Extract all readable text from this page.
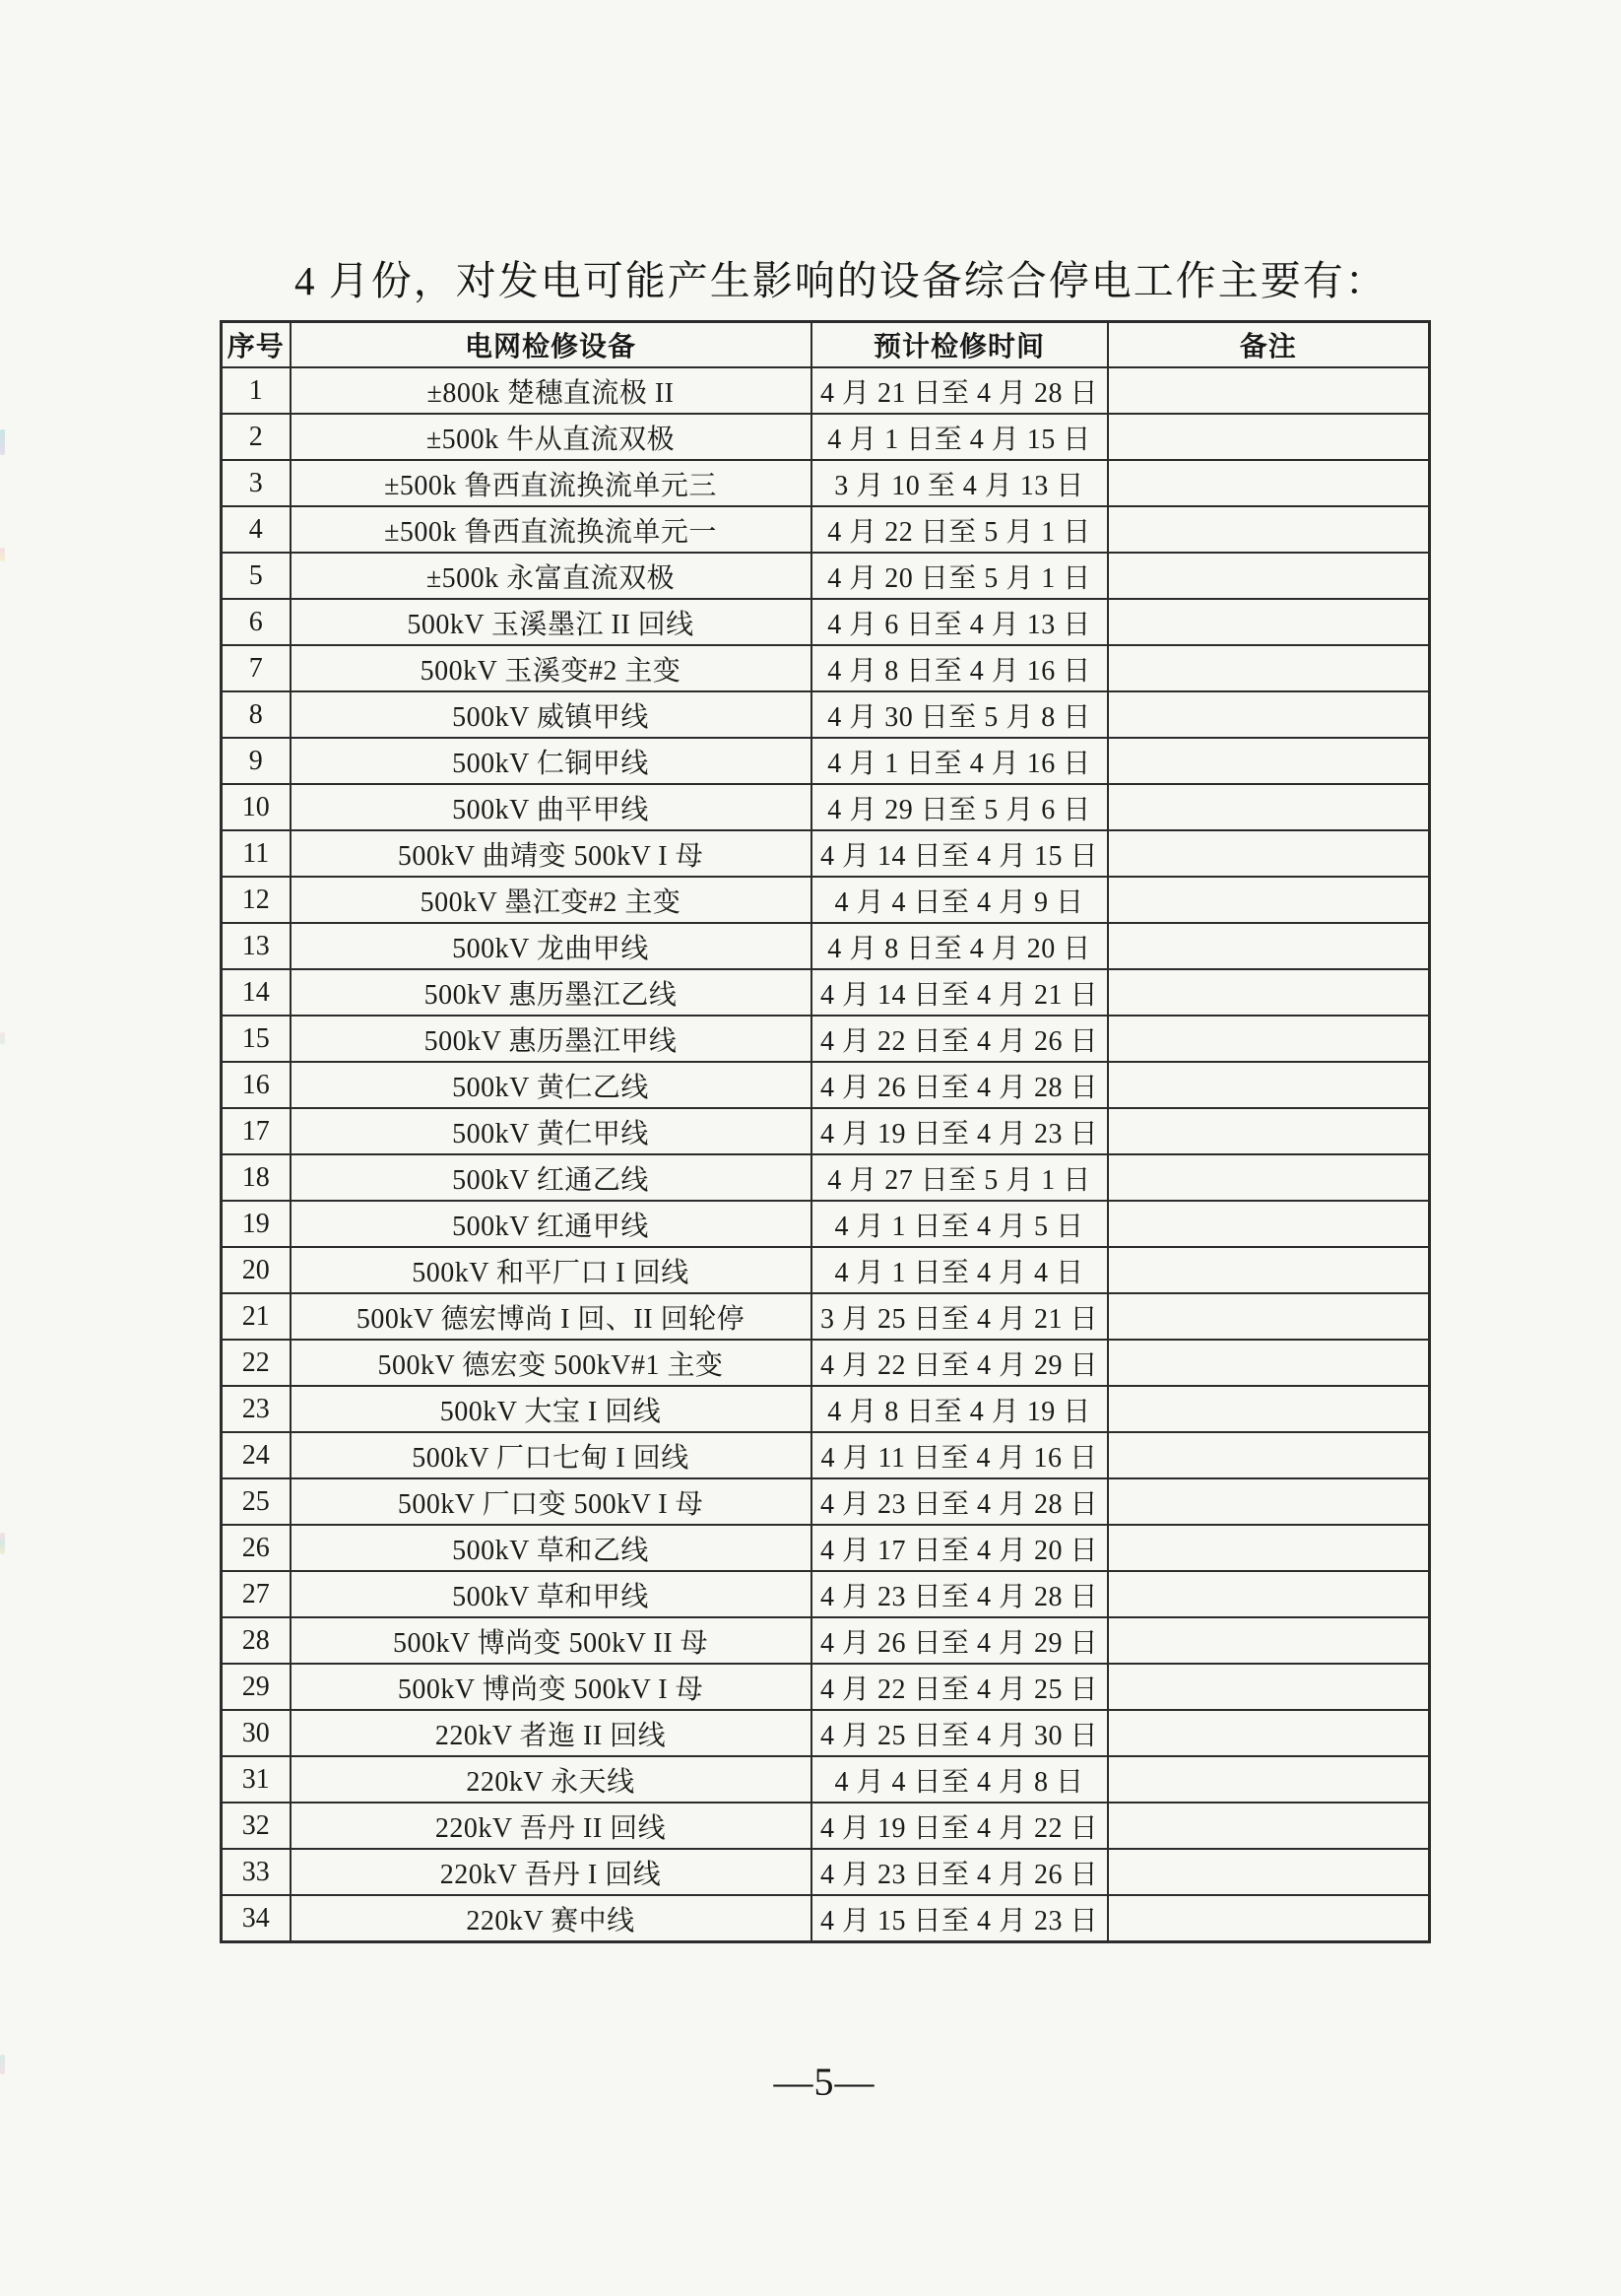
4 月份，对发电可能产生影响的设备综合停电工作主要有：
序号	电网检修设备	预计检修时间	备注
1	±800k 楚穗直流极 II	4 月 21 日至 4 月 28 日	
2	±500k 牛从直流双极	4 月 1 日至 4 月 15 日	
3	±500k 鲁西直流换流单元三	3 月 10 至 4 月 13 日	
4	±500k 鲁西直流换流单元一	4 月 22 日至 5 月 1 日	
5	±500k 永富直流双极	4 月 20 日至 5 月 1 日	
6	500kV 玉溪墨江 II 回线	4 月 6 日至 4 月 13 日	
7	500kV 玉溪变#2 主变	4 月 8 日至 4 月 16 日	
8	500kV 威镇甲线	4 月 30 日至 5 月 8 日	
9	500kV 仁铜甲线	4 月 1 日至 4 月 16 日	
10	500kV 曲平甲线	4 月 29 日至 5 月 6 日	
11	500kV 曲靖变 500kV I 母	4 月 14 日至 4 月 15 日	
12	500kV 墨江变#2 主变	4 月 4 日至 4 月 9 日	
13	500kV 龙曲甲线	4 月 8 日至 4 月 20 日	
14	500kV 惠历墨江乙线	4 月 14 日至 4 月 21 日	
15	500kV 惠历墨江甲线	4 月 22 日至 4 月 26 日	
16	500kV 黄仁乙线	4 月 26 日至 4 月 28 日	
17	500kV 黄仁甲线	4 月 19 日至 4 月 23 日	
18	500kV 红通乙线	4 月 27 日至 5 月 1 日	
19	500kV 红通甲线	4 月 1 日至 4 月 5 日	
20	500kV 和平厂口 I 回线	4 月 1 日至 4 月 4 日	
21	500kV 德宏博尚 I 回、II 回轮停	3 月 25 日至 4 月 21 日	
22	500kV 德宏变 500kV#1 主变	4 月 22 日至 4 月 29 日	
23	500kV 大宝 I 回线	4 月 8 日至 4 月 19 日	
24	500kV 厂口七甸 I 回线	4 月 11 日至 4 月 16 日	
25	500kV 厂口变 500kV I 母	4 月 23 日至 4 月 28 日	
26	500kV 草和乙线	4 月 17 日至 4 月 20 日	
27	500kV 草和甲线	4 月 23 日至 4 月 28 日	
28	500kV 博尚变 500kV II 母	4 月 26 日至 4 月 29 日	
29	500kV 博尚变 500kV I 母	4 月 22 日至 4 月 25 日	
30	220kV 者迤 II 回线	4 月 25 日至 4 月 30 日	
31	220kV 永天线	4 月 4 日至 4 月 8 日	
32	220kV 吾丹 II 回线	4 月 19 日至 4 月 22 日	
33	220kV 吾丹 I 回线	4 月 23 日至 4 月 26 日	
34	220kV 赛中线	4 月 15 日至 4 月 23 日	
—5—
